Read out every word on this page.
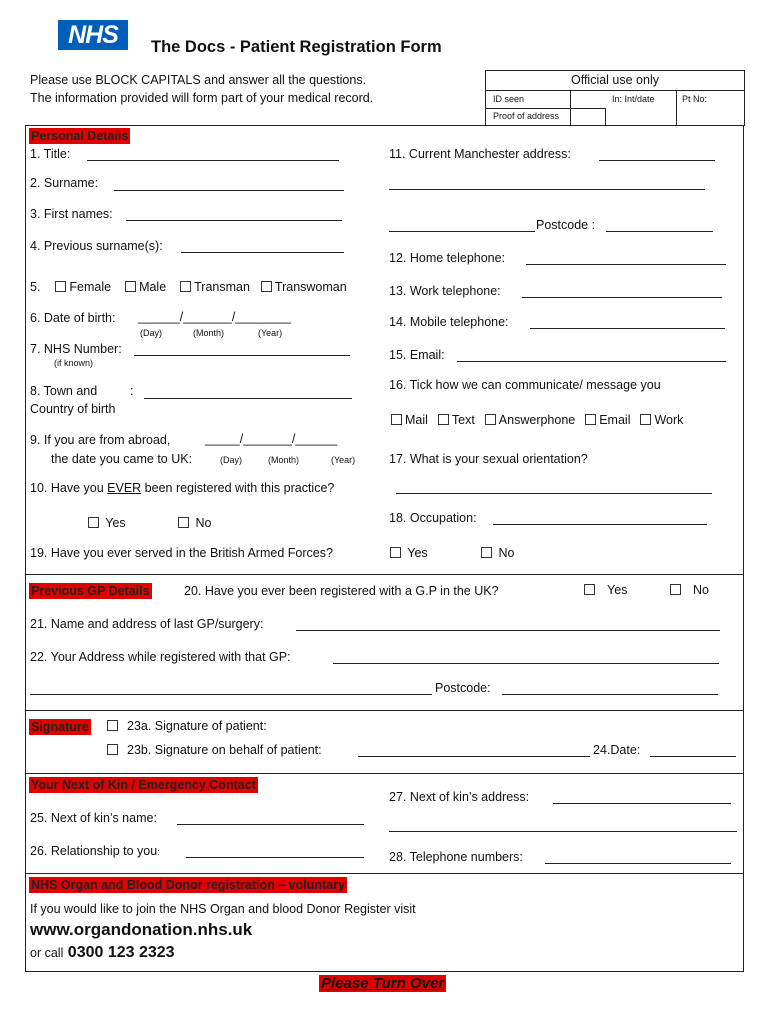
NHS	The Docs - Patient Registration Form
Please use BLOCK CAPITALS and answer all the questions.
The information provided will form part of your medical record.
Official use only
ID seen	In: Int/date	Pt No:
Proof of address
Personal Details
1. Title:
2. Surname:
3. First names:
4. Previous surname(s):
5. Female Male Transman Transwoman
6. Date of birth: ______/_______/________
(Day)	(Month)	(Year)
7. NHS Number:
(if known)
8. Town and	:
Country of birth
9. If you are from abroad,	_____/_______/______
the date you came to UK:	(Day)	(Month)	(Year)
10. Have you EVER been registered with this practice?
Yes	No
19. Have you ever served in the British Armed Forces?	Yes	No
11. Current Manchester address:
Postcode :
12. Home telephone:
13. Work telephone:
14. Mobile telephone:
15. Email:
16. Tick how we can communicate/ message you
Mail Text Answerphone Email Work
17. What is your sexual orientation?
18. Occupation:
Previous GP Details	20. Have you ever been registered with a G.P in the UK?	Yes	No
21. Name and address of last GP/surgery:
22. Your Address while registered with that GP:
Postcode:
Signature	23a. Signature of patient:
23b. Signature on behalf of patient:	24.Date:
Your Next of Kin / Emergency Contact
25. Next of kin’s name:
26. Relationship to you:
27. Next of kin’s address:
28. Telephone numbers:
NHS Organ and Blood Donor registration – voluntary
If you would like to join the NHS Organ and blood Donor Register visit
www.organdonation.nhs.uk
or call 0300 123 2323
Please Turn Over
